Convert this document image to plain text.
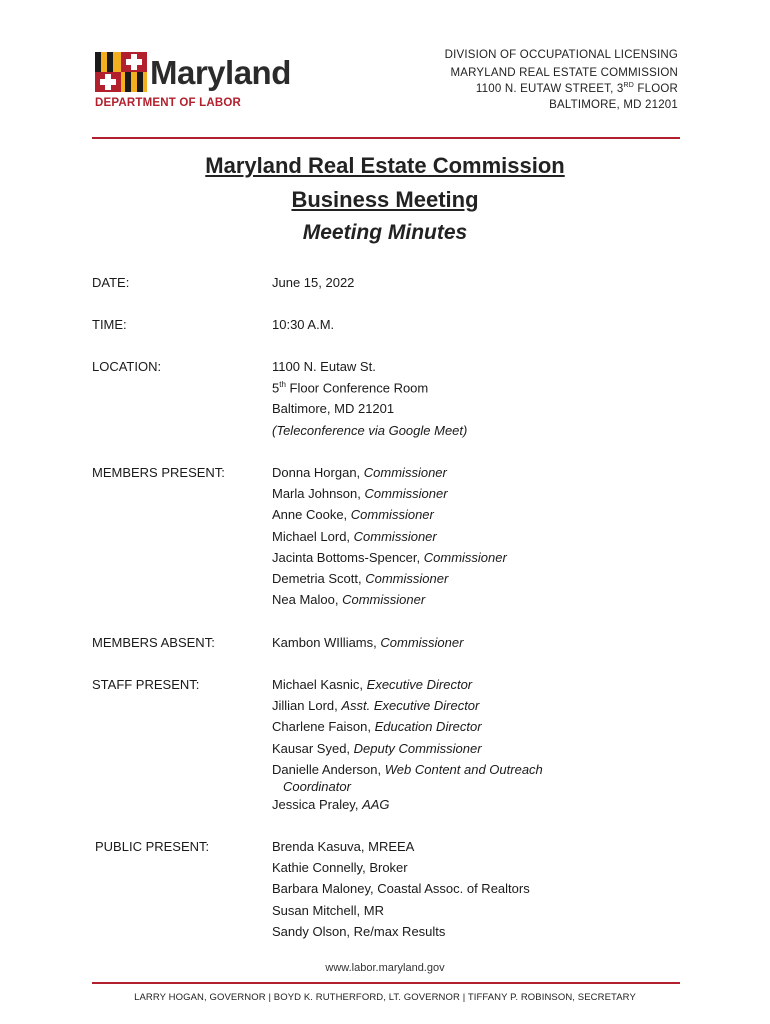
Maryland
DEPARTMENT OF LABOR
DIVISION OF OCCUPATIONAL LICENSING
MARYLAND REAL ESTATE COMMISSION
1100 N. EUTAW STREET, 3RD FLOOR
BALTIMORE, MD 21201
Maryland Real Estate Commission
Business Meeting
Meeting Minutes
DATE:	June 15, 2022
TIME:	10:30 A.M.
LOCATION:	1100 N. Eutaw St.
5th Floor Conference Room
Baltimore, MD 21201
(Teleconference via Google Meet)
MEMBERS PRESENT:	Donna Horgan, Commissioner
Marla Johnson, Commissioner
Anne Cooke, Commissioner
Michael Lord, Commissioner
Jacinta Bottoms-Spencer, Commissioner
Demetria Scott, Commissioner
Nea Maloo, Commissioner
MEMBERS ABSENT:	Kambon WIlliams, Commissioner
STAFF PRESENT:	Michael Kasnic, Executive Director
Jillian Lord, Asst. Executive Director
Charlene Faison, Education Director
Kausar Syed, Deputy Commissioner
Danielle Anderson, Web Content and Outreach
Coordinator
Jessica Praley, AAG
PUBLIC PRESENT:	Brenda Kasuva, MREEA
Kathie Connelly, Broker
Barbara Maloney, Coastal Assoc. of Realtors
Susan Mitchell, MR
Sandy Olson, Re/max Results
www.labor.maryland.gov
LARRY HOGAN, GOVERNOR | BOYD K. RUTHERFORD, LT. GOVERNOR | TIFFANY P. ROBINSON, SECRETARY
